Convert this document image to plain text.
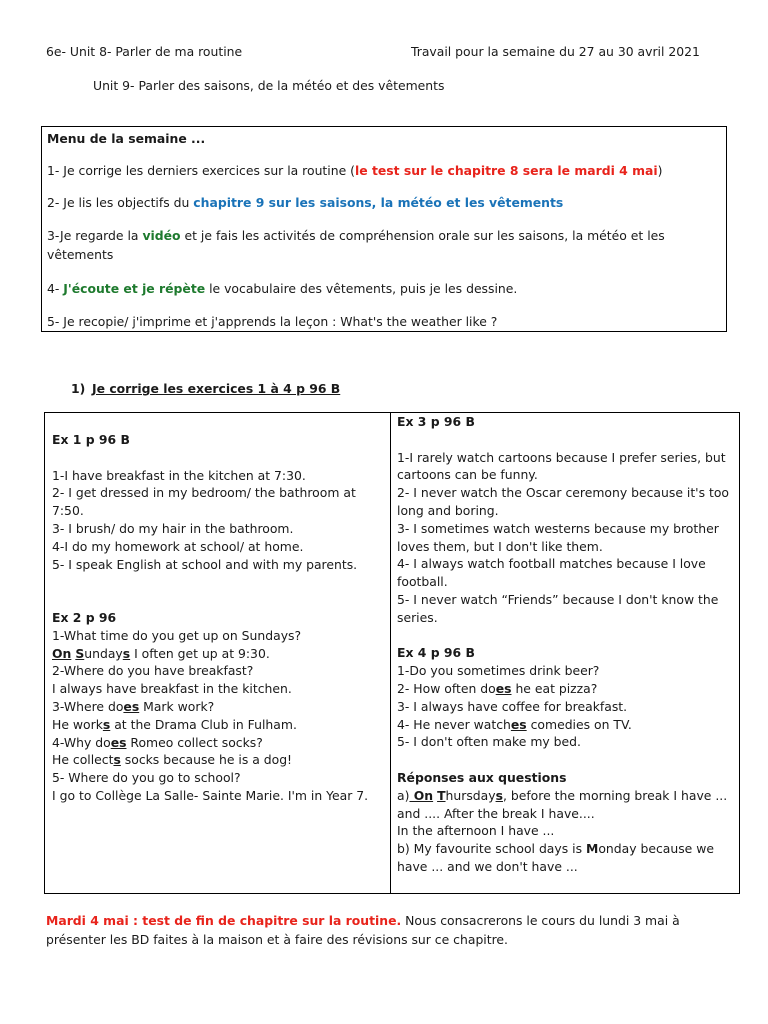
6e- Unit 8- Parler de ma routine	Travail pour la semaine du 27 au 30 avril 2021
Unit 9- Parler des saisons, de la météo et des vêtements
Menu de la semaine ...
1- Je corrige les derniers exercices sur la routine (le test sur le chapitre 8 sera le mardi 4 mai)
2- Je lis les objectifs du chapitre 9 sur les saisons, la météo et les vêtements
3-Je regarde la vidéo et je fais les activités de compréhension orale sur les saisons, la météo et les vêtements
4- J'écoute et je répète le vocabulaire des vêtements, puis je les dessine.
5- Je recopie/ j'imprime et j'apprends la leçon : What's the weather like ?
1) Je corrige les exercices 1 à 4 p 96 B

Ex 1 p 96 B

1-I have breakfast in the kitchen at 7:30.

2- I get dressed in my bedroom/ the bathroom at 7:50.

3- I brush/ do my hair in the bathroom.

4-I do my homework at school/ at home.

5- I speak English at school and with my parents.

Ex 2 p 96

1-What time do you get up on Sundays?

On Sundays I often get up at 9:30.

2-Where do you have breakfast?

I always have breakfast in the kitchen.

3-Where does Mark work?

He works at the Drama Club in Fulham.

4-Why does Romeo collect socks?

He collects socks because he is a dog!

5- Where do you go to school?

I go to Collège La Salle- Sainte Marie. I'm in Year 7.

Ex 3 p 96 B

1-I rarely watch cartoons because I prefer series, but cartoons can be funny.

2- I never watch the Oscar ceremony because it's too long and boring.

3- I sometimes watch westerns because my brother loves them, but I don't like them.

4- I always watch football matches because I love football.

5- I never watch “Friends” because I don't know the series.

Ex 4 p 96 B

1-Do you sometimes drink beer?

2- How often does he eat pizza?

3- I always have coffee for breakfast.

4- He never watches comedies on TV.

5- I don't often make my bed.

Réponses aux questions

a) On Thursdays, before the morning break I have ... and .... After the break I have....

In the afternoon I have ...

b) My favourite school days is Monday because we have ... and we don't have ...

Mardi 4 mai : test de fin de chapitre sur la routine. Nous consacrerons le cours du lundi 3 mai à présenter les BD faites à la maison et à faire des révisions sur ce chapitre.
